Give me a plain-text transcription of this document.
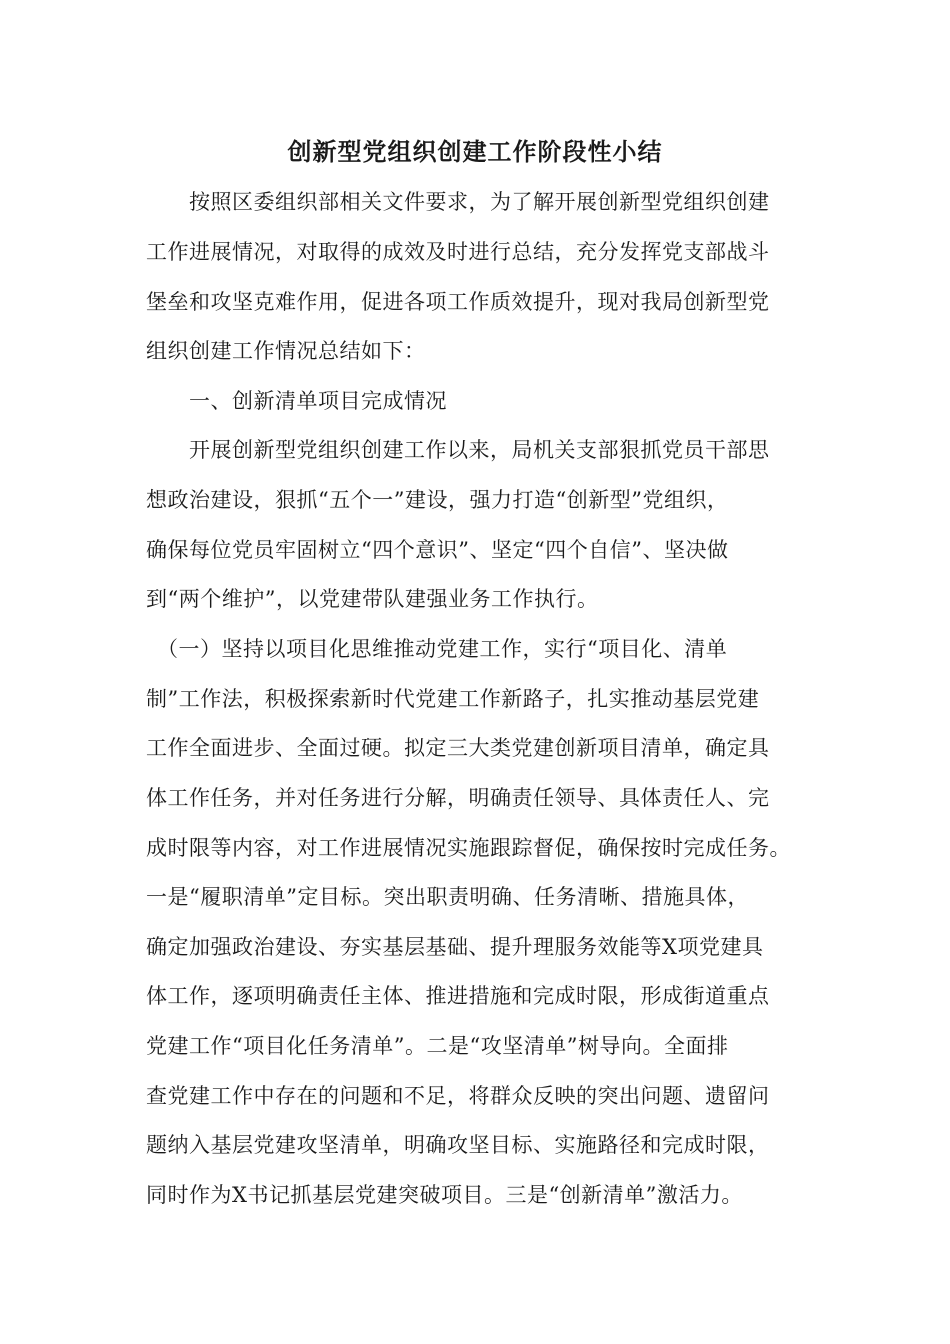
创新型党组织创建工作阶段性小结
　　按照区委组织部相关文件要求，为了解开展创新型党组织创建
工作进展情况，对取得的成效及时进行总结，充分发挥党支部战斗
堡垒和攻坚克难作用，促进各项工作质效提升，现对我局创新型党
组织创建工作情况总结如下：
　　一、创新清单项目完成情况
　　开展创新型党组织创建工作以来，局机关支部狠抓党员干部思
想政治建设，狠抓“五个一”建设，强力打造“创新型”党组织，
确保每位党员牢固树立“四个意识”、坚定“四个自信”、坚决做
到“两个维护”，以党建带队建强业务工作执行。
　（一）坚持以项目化思维推动党建工作，实行“项目化、清单
制”工作法，积极探索新时代党建工作新路子，扎实推动基层党建
工作全面进步、全面过硬。拟定三大类党建创新项目清单，确定具
体工作任务，并对任务进行分解，明确责任领导、具体责任人、完
成时限等内容，对工作进展情况实施跟踪督促，确保按时完成任务。
一是“履职清单”定目标。突出职责明确、任务清晰、措施具体，
确定加强政治建设、夯实基层基础、提升理服务效能等X项党建具
体工作，逐项明确责任主体、推进措施和完成时限，形成街道重点
党建工作“项目化任务清单”。二是“攻坚清单”树导向。全面排
查党建工作中存在的问题和不足，将群众反映的突出问题、遗留问
题纳入基层党建攻坚清单，明确攻坚目标、实施路径和完成时限，
同时作为X书记抓基层党建突破项目。三是“创新清单”激活力。
